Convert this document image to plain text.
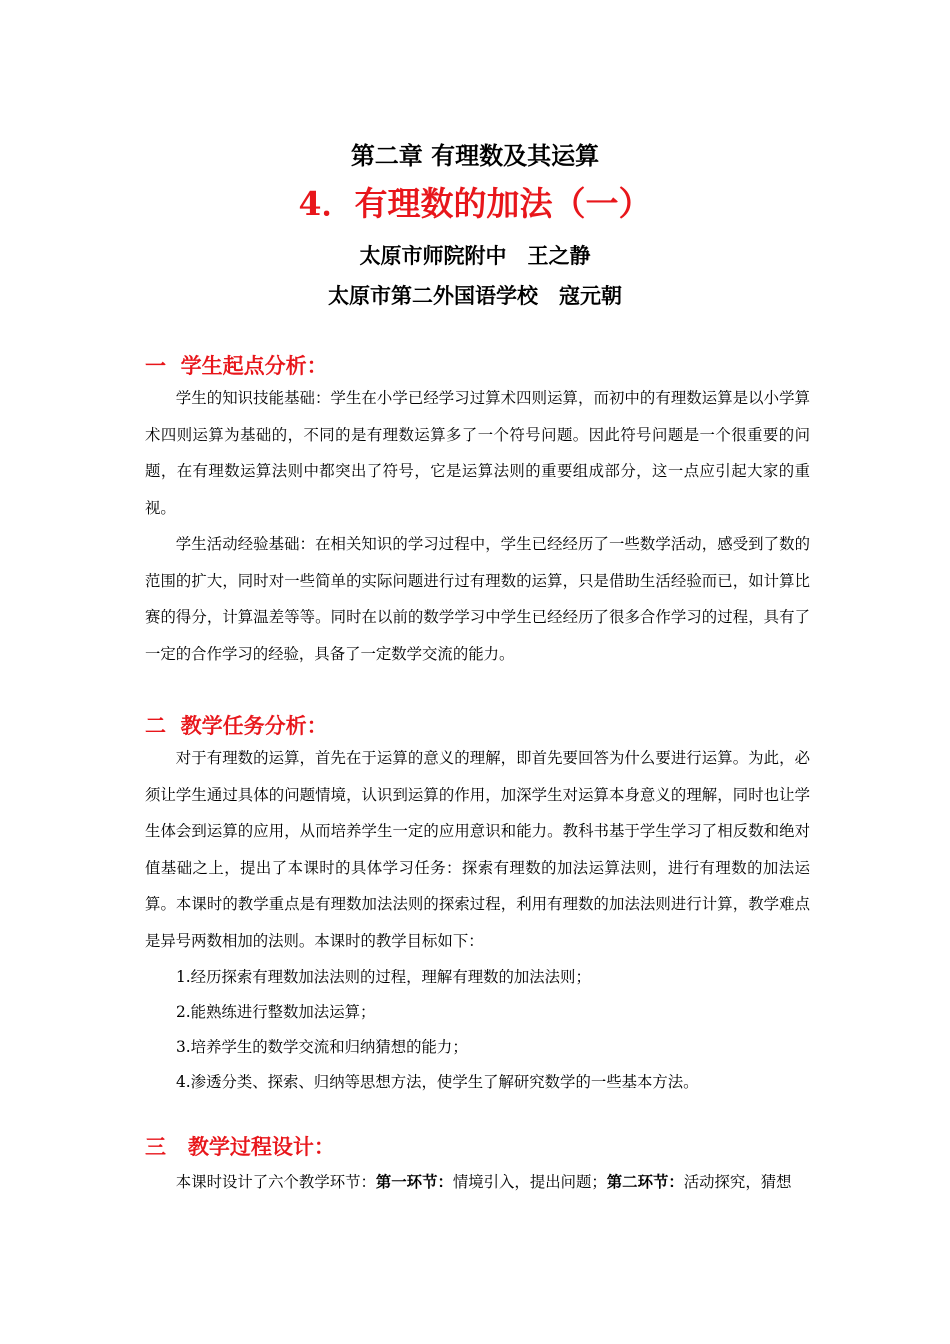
第二章 有理数及其运算
4．有理数的加法（一）
太原市师院附中　王之静
太原市第二外国语学校　寇元朝
一  学生起点分析：

学生的知识技能基础：学生在小学已经学习过算术四则运算，而初中的有理数运算是以小学算术四则运算为基础的，不同的是有理数运算多了一个符号问题。因此符号问题是一个很重要的问题，在有理数运算法则中都突出了符号，它是运算法则的重要组成部分，这一点应引起大家的重视。

学生活动经验基础：在相关知识的学习过程中，学生已经经历了一些数学活动，感受到了数的范围的扩大，同时对一些简单的实际问题进行过有理数的运算，只是借助生活经验而已，如计算比赛的得分，计算温差等等。同时在以前的数学学习中学生已经经历了很多合作学习的过程，具有了一定的合作学习的经验，具备了一定数学交流的能力。

二  教学任务分析：

对于有理数的运算，首先在于运算的意义的理解，即首先要回答为什么要进行运算。为此，必须让学生通过具体的问题情境，认识到运算的作用，加深学生对运算本身意义的理解，同时也让学生体会到运算的应用，从而培养学生一定的应用意识和能力。教科书基于学生学习了相反数和绝对值基础之上，提出了本课时的具体学习任务：探索有理数的加法运算法则，进行有理数的加法运算。本课时的教学重点是有理数加法法则的探索过程，利用有理数的加法法则进行计算，教学难点是异号两数相加的法则。本课时的教学目标如下：

1.经历探索有理数加法法则的过程，理解有理数的加法法则；
2.能熟练进行整数加法运算；
3.培养学生的数学交流和归纳猜想的能力；
4.渗透分类、探索、归纳等思想方法，使学生了解研究数学的一些基本方法。
三   教学过程设计：
本课时设计了六个教学环节：第一环节：情境引入，提出问题；第二环节：活动探究，猜想
